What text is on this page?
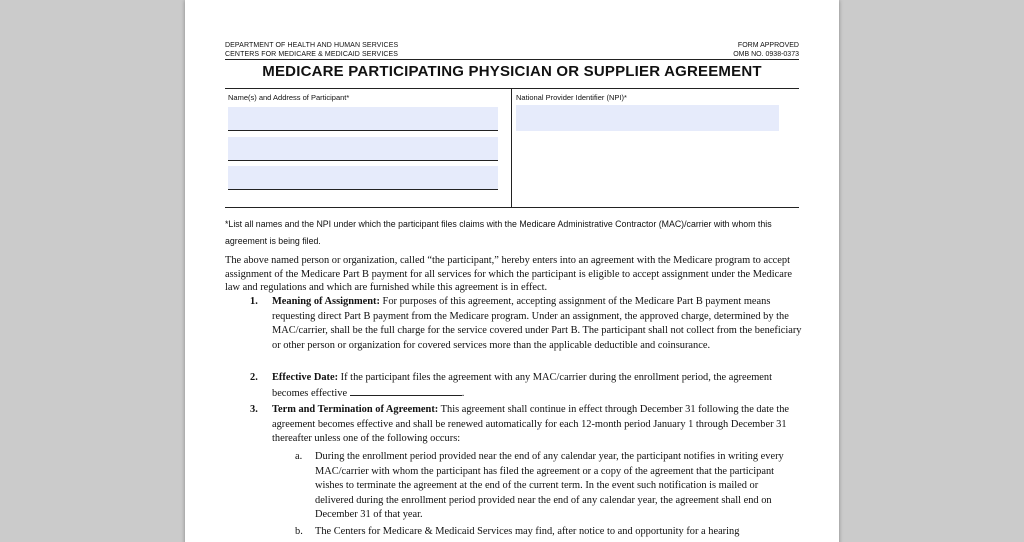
DEPARTMENT OF HEALTH AND HUMAN SERVICES
CENTERS FOR MEDICARE & MEDICAID SERVICES
FORM APPROVED
OMB NO. 0938-0373
MEDICARE PARTICIPATING PHYSICIAN OR SUPPLIER AGREEMENT
Name(s) and Address of Participant*	National Provider Identifier (NPI)*
*List all names and the NPI under which the participant files claims with the Medicare Administrative Contractor (MAC)/carrier with whom this agreement is being filed.
The above named person or organization, called “the participant,” hereby enters into an agreement with the Medicare program to accept assignment of the Medicare Part B payment for all services for which the participant is eligible to accept assignment under the Medicare law and regulations and which are furnished while this agreement is in effect.
1. Meaning of Assignment: For purposes of this agreement, accepting assignment of the Medicare Part B payment means requesting direct Part B payment from the Medicare program. Under an assignment, the approved charge, determined by the MAC/carrier, shall be the full charge for the service covered under Part B. The participant shall not collect from the beneficiary or other person or organization for covered services more than the applicable deductible and coinsurance.
2. Effective Date: If the participant files the agreement with any MAC/carrier during the enrollment period, the agreement becomes effective	.
3. Term and Termination of Agreement: This agreement shall continue in effect through December 31 following the date the agreement becomes effective and shall be renewed automatically for each 12-month period January 1 through December 31 thereafter unless one of the following occurs:
a. During the enrollment period provided near the end of any calendar year, the participant notifies in writing every MAC/carrier with whom the participant has filed the agreement or a copy of the agreement that the participant wishes to terminate the agreement at the end of the current term. In the event such notification is mailed or delivered during the enrollment period provided near the end of any calendar year, the agreement shall end on December 31 of that year.
b. The Centers for Medicare & Medicaid Services may find, after notice to and opportunity for a hearing
